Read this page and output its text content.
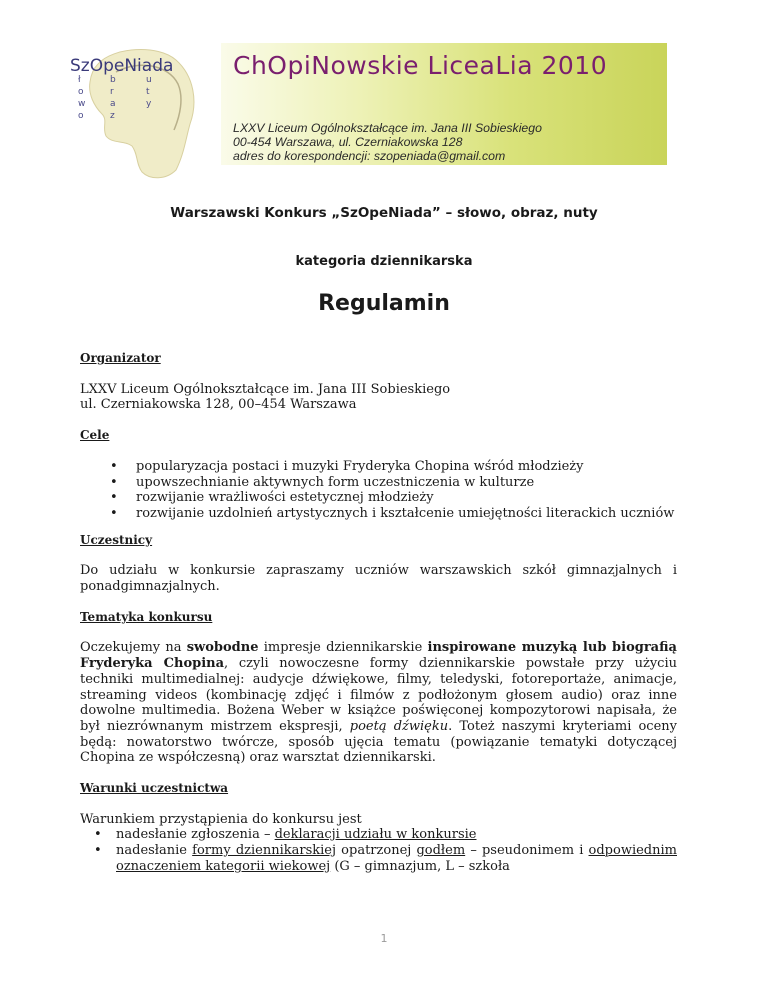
ł
o
w
o
b
r
a
z
u
t
y
SzOpeNiada ChOpiNowskie LiceaLia 2010
LXXV Liceum Ogólnokształcące im. Jana III Sobieskiego
00-454 Warszawa, ul. Czerniakowska 128
adres do korespondencji: szopeniada@gmail.com
Warszawski Konkurs „SzOpeNiada” – słowo, obraz, nuty
kategoria dziennikarska
Regulamin
Organizator
LXXV Liceum Ogólnokształcące im. Jana III Sobieskiego
ul. Czerniakowska 128, 00–454 Warszawa
Cele
• popularyzacja postaci i muzyki Fryderyka Chopina wśród młodzieży
• upowszechnianie aktywnych form uczestniczenia w kulturze
• rozwijanie wrażliwości estetycznej młodzieży
• rozwijanie uzdolnień artystycznych i kształcenie umiejętności literackich uczniów
Uczestnicy
Do udziału w konkursie zapraszamy uczniów warszawskich szkół gimnazjalnych i ponadgimnazjalnych.
Tematyka konkursu
Oczekujemy na swobodne impresje dziennikarskie inspirowane muzyką lub biografią Fryderyka Chopina, czyli nowoczesne formy dziennikarskie powstałe przy użyciu techniki multimedialnej: audycje dźwiękowe, filmy, teledyski, fotoreportaże, animacje, streaming videos (kombinację zdjęć i filmów z podłożonym głosem audio) oraz inne dowolne multimedia. Bożena Weber w książce poświęconej kompozytorowi napisała, że był niezrównanym mistrzem ekspresji, poetą dźwięku. Toteż naszymi kryteriami oceny będą: nowatorstwo twórcze, sposób ujęcia tematu (powiązanie tematyki dotyczącej Chopina ze współczesną) oraz warsztat dziennikarski.
Warunki uczestnictwa
Warunkiem przystąpienia do konkursu jest
• nadesłanie zgłoszenia – deklaracji udziału w konkursie
• nadesłanie formy dziennikarskiej opatrzonej godłem – pseudonimem i odpowiednim oznaczeniem kategorii wiekowej (G – gimnazjum, L – szkoła
1
